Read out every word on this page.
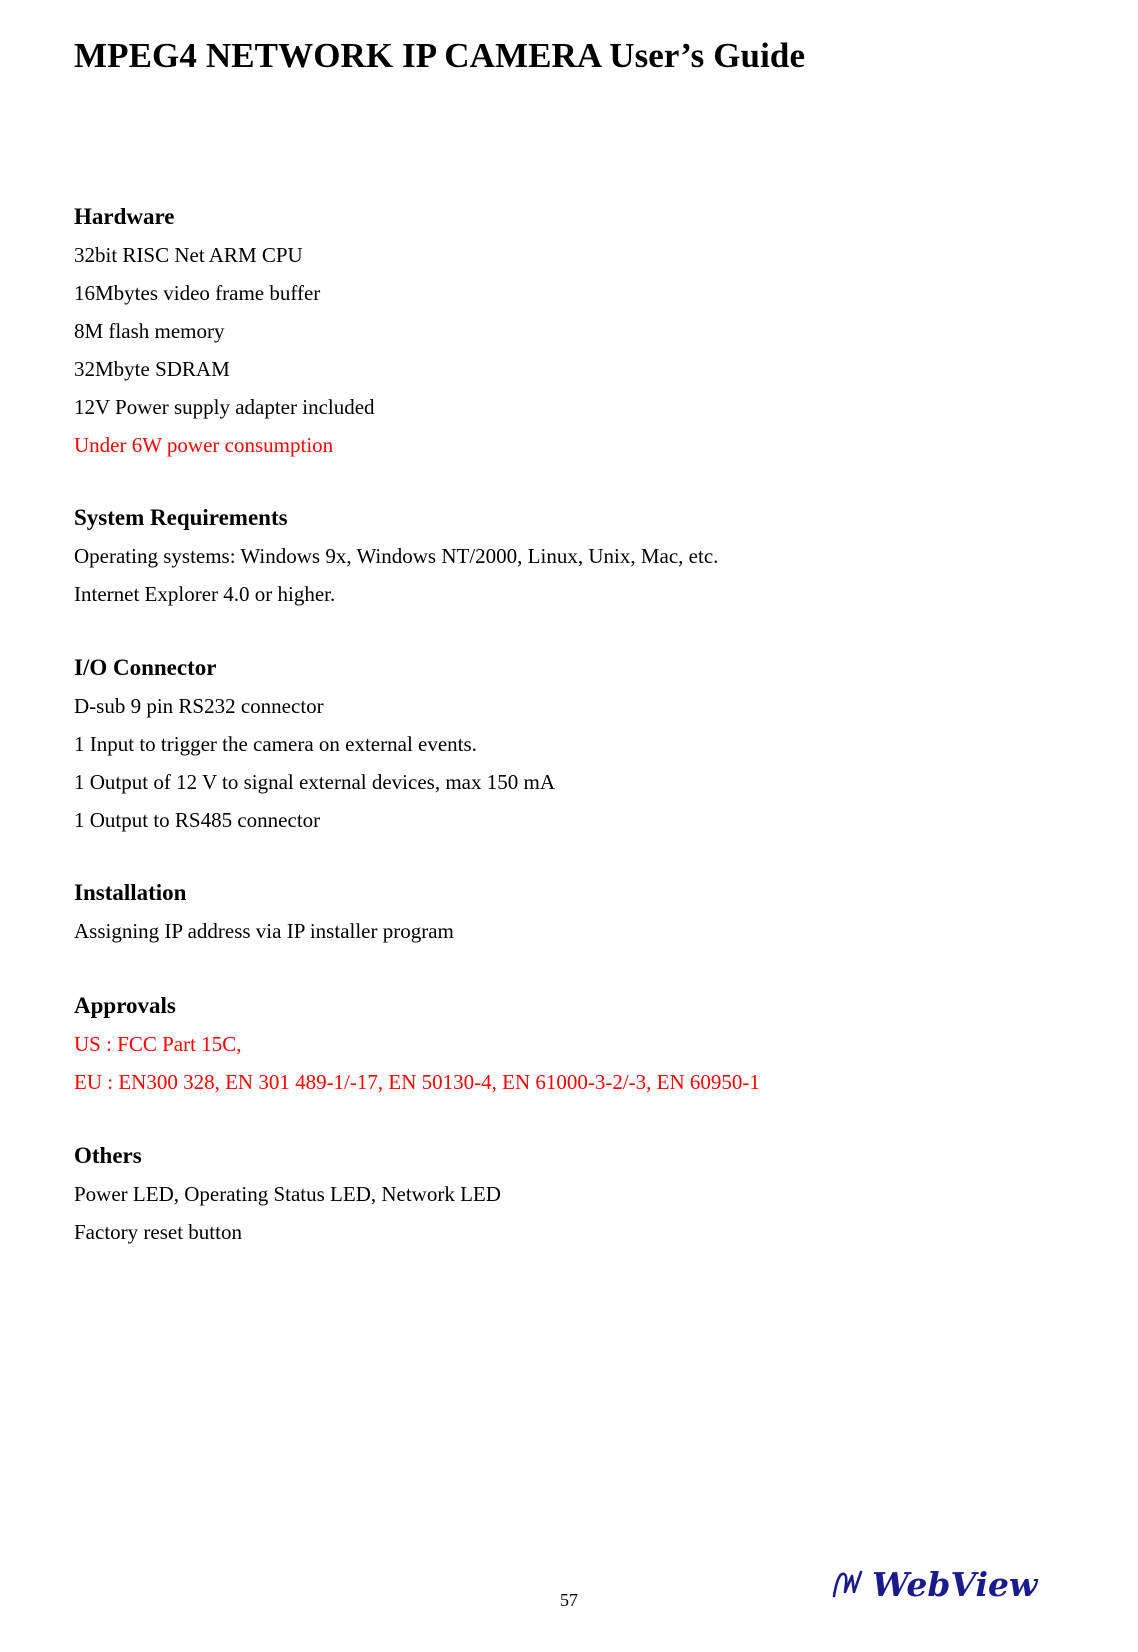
MPEG4 NETWORK IP CAMERA User’s Guide
Hardware

32bit RISC Net ARM CPU

16Mbytes video frame buffer

8M flash memory

32Mbyte SDRAM

12V Power supply adapter included

Under 6W power consumption

System Requirements

Operating systems: Windows 9x, Windows NT/2000, Linux, Unix, Mac, etc.

Internet Explorer 4.0 or higher.

I/O Connector

D-sub 9 pin RS232 connector

1 Input to trigger the camera on external events.

1 Output of 12 V to signal external devices, max 150 mA

1 Output to RS485 connector

Installation

Assigning IP address via IP installer program

Approvals

US : FCC Part 15C,

EU : EN300 328, EN 301 489-1/-17, EN 50130-4, EN 61000-3-2/-3, EN 60950-1

Others

Power LED, Operating Status LED, Network LED

Factory reset button

57	WebView
